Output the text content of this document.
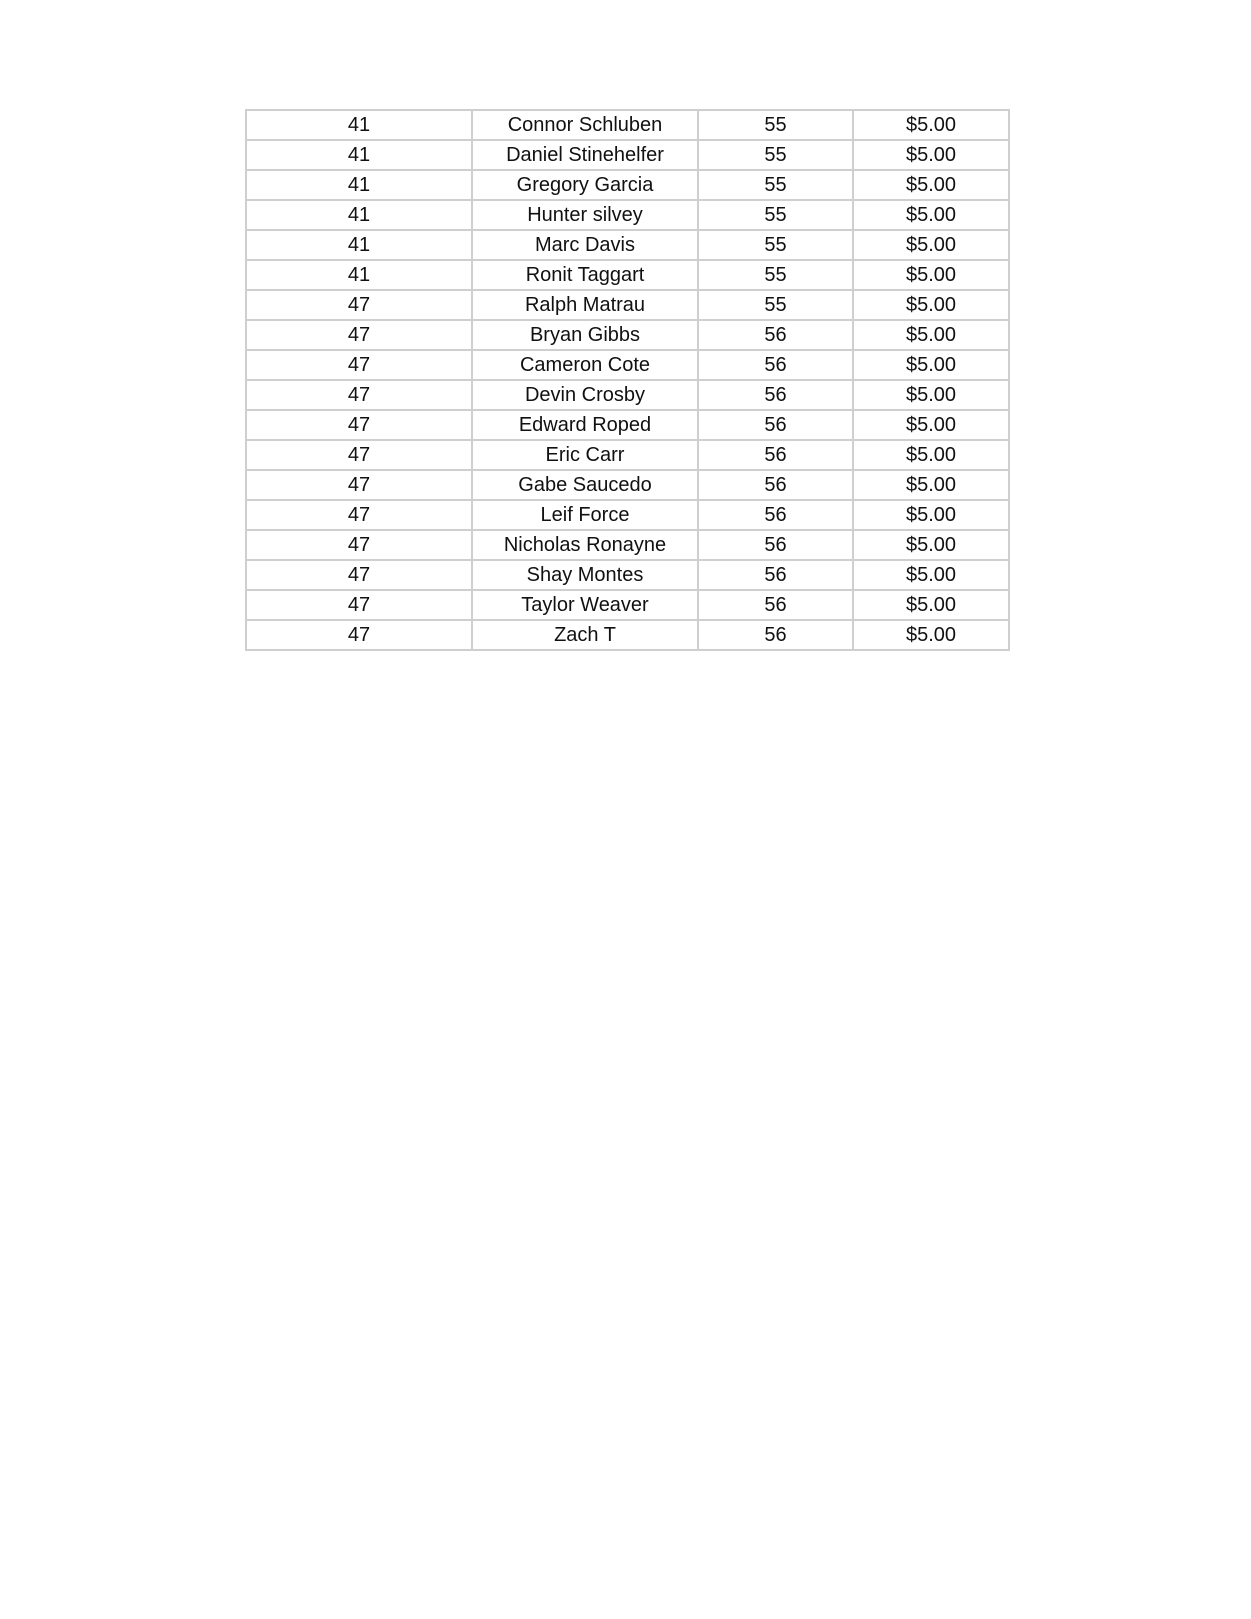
41	Connor Schluben	55	$5.00
41	Daniel Stinehelfer	55	$5.00
41	Gregory Garcia	55	$5.00
41	Hunter silvey	55	$5.00
41	Marc Davis	55	$5.00
41	Ronit Taggart	55	$5.00
47	Ralph Matrau	55	$5.00
47	Bryan Gibbs	56	$5.00
47	Cameron Cote	56	$5.00
47	Devin Crosby	56	$5.00
47	Edward Roped	56	$5.00
47	Eric Carr	56	$5.00
47	Gabe Saucedo	56	$5.00
47	Leif Force	56	$5.00
47	Nicholas Ronayne	56	$5.00
47	Shay Montes	56	$5.00
47	Taylor Weaver	56	$5.00
47	Zach T	56	$5.00
